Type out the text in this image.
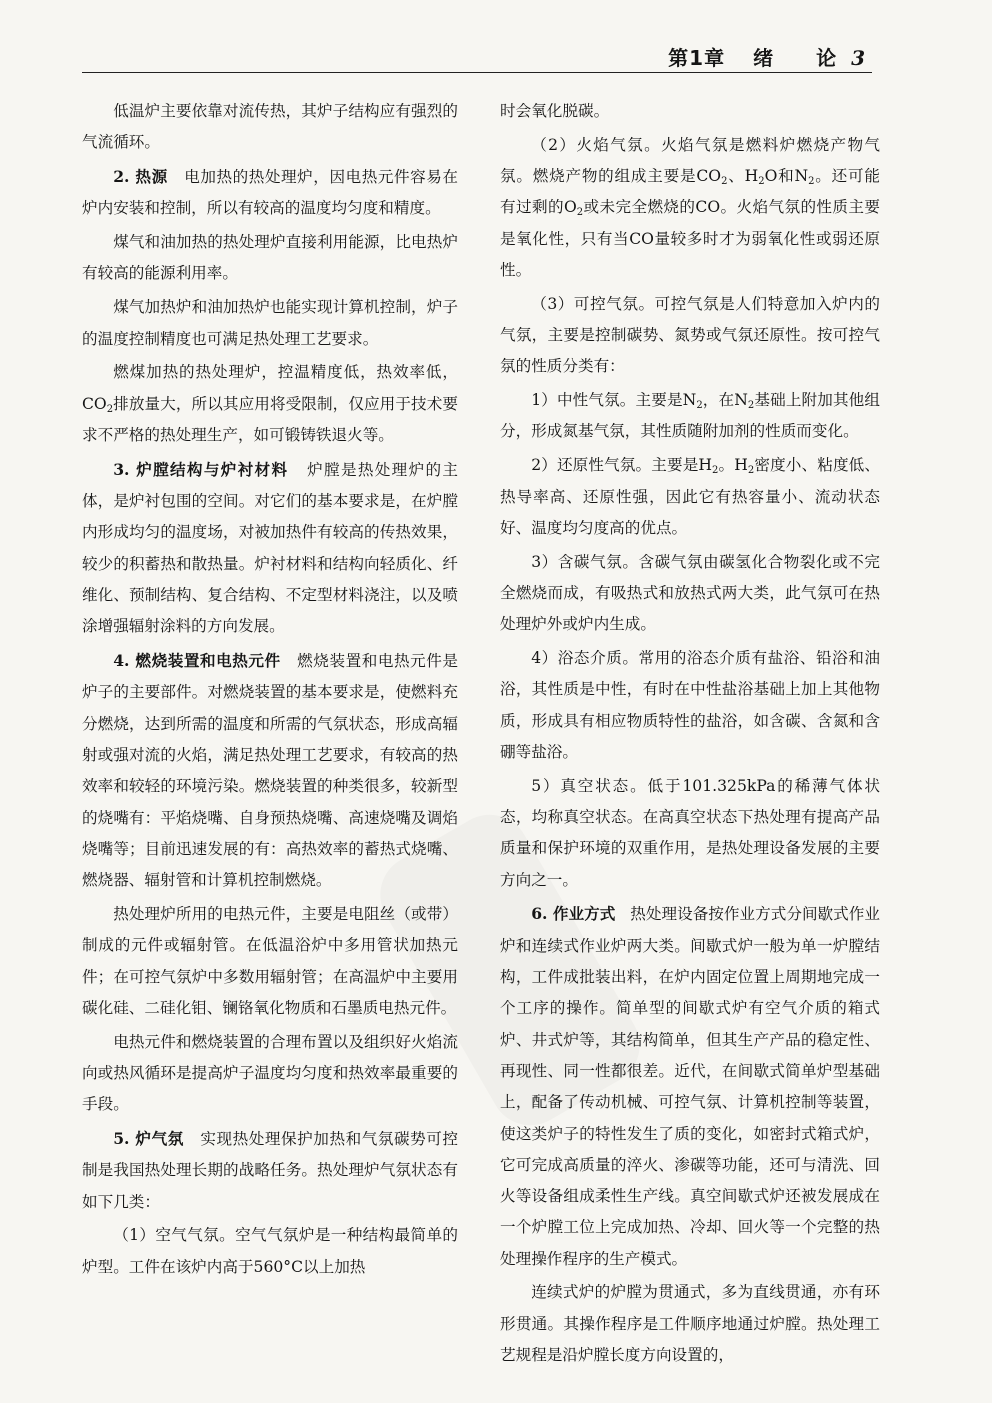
第1章 绪 论 3

低温炉主要依靠对流传热，其炉子结构应有强烈的气流循环。

2. 热源 电加热的热处理炉，因电热元件容易在炉内安装和控制，所以有较高的温度均匀度和精度。

煤气和油加热的热处理炉直接利用能源，比电热炉有较高的能源利用率。

煤气加热炉和油加热炉也能实现计算机控制，炉子的温度控制精度也可满足热处理工艺要求。

燃煤加热的热处理炉，控温精度低，热效率低，$CO_2$排放量大，所以其应用将受限制，仅应用于技术要求不严格的热处理生产，如可锻铸铁退火等。

3. 炉膛结构与炉衬材料 炉膛是热处理炉的主体，是炉衬包围的空间。对它们的基本要求是，在炉膛内形成均匀的温度场，对被加热件有较高的传热效果，较少的积蓄热和散热量。炉衬材料和结构向轻质化、纤维化、预制结构、复合结构、不定型材料浇注，以及喷涂增强辐射涂料的方向发展。

4. 燃烧装置和电热元件 燃烧装置和电热元件是炉子的主要部件。对燃烧装置的基本要求是，使燃料充分燃烧，达到所需的温度和所需的气氛状态，形成高辐射或强对流的火焰，满足热处理工艺要求，有较高的热效率和较轻的环境污染。燃烧装置的种类很多，较新型的烧嘴有：平焰烧嘴、自身预热烧嘴、高速烧嘴及调焰烧嘴等；目前迅速发展的有：高热效率的蓄热式烧嘴、燃烧器、辐射管和计算机控制燃烧。

热处理炉所用的电热元件，主要是电阻丝（或带）制成的元件或辐射管。在低温浴炉中多用管状加热元件；在可控气氛炉中多数用辐射管；在高温炉中主要用碳化硅、二硅化钼、镧铬氧化物质和石墨质电热元件。

电热元件和燃烧装置的合理布置以及组织好火焰流向或热风循环是提高炉子温度均匀度和热效率最重要的手段。

5. 炉气氛 实现热处理保护加热和气氛碳势可控制是我国热处理长期的战略任务。热处理炉气氛状态有如下几类：

（1）空气气氛。空气气氛炉是一种结构最简单的炉型。工件在该炉内高于560°C以上加热

时会氧化脱碳。

（2）火焰气氛。火焰气氛是燃料炉燃烧产物气氛。燃烧产物的组成主要是$CO_2$、$H_2O$和$N_2$。还可能有过剩的$O_2$或未完全燃烧的CO。火焰气氛的性质主要是氧化性，只有当CO量较多时才为弱氧化性或弱还原性。

（3）可控气氛。可控气氛是人们特意加入炉内的气氛，主要是控制碳势、氮势或气氛还原性。按可控气氛的性质分类有：

1）中性气氛。主要是$N_2$，在$N_2$基础上附加其他组分，形成氮基气氛，其性质随附加剂的性质而变化。

2）还原性气氛。主要是$H_2$。$H_2$密度小、粘度低、热导率高、还原性强，因此它有热容量小、流动状态好、温度均匀度高的优点。

3）含碳气氛。含碳气氛由碳氢化合物裂化或不完全燃烧而成，有吸热式和放热式两大类，此气氛可在热处理炉外或炉内生成。

4）浴态介质。常用的浴态介质有盐浴、铅浴和油浴，其性质是中性，有时在中性盐浴基础上加上其他物质，形成具有相应物质特性的盐浴，如含碳、含氮和含硼等盐浴。

5）真空状态。低于101.325kPa的稀薄气体状态，均称真空状态。在高真空状态下热处理有提高产品质量和保护环境的双重作用，是热处理设备发展的主要方向之一。

6. 作业方式 热处理设备按作业方式分间歇式作业炉和连续式作业炉两大类。间歇式炉一般为单一炉膛结构，工件成批装出料，在炉内固定位置上周期地完成一个工序的操作。简单型的间歇式炉有空气介质的箱式炉、井式炉等，其结构简单，但其生产产品的稳定性、再现性、同一性都很差。近代，在间歇式简单炉型基础上，配备了传动机械、可控气氛、计算机控制等装置，使这类炉子的特性发生了质的变化，如密封式箱式炉，它可完成高质量的淬火、渗碳等功能，还可与清洗、回火等设备组成柔性生产线。真空间歇式炉还被发展成在一个炉膛工位上完成加热、冷却、回火等一个完整的热处理操作程序的生产模式。

连续式炉的炉膛为贯通式，多为直线贯通，亦有环形贯通。其操作程序是工件顺序地通过炉膛。热处理工艺规程是沿炉膛长度方向设置的，
